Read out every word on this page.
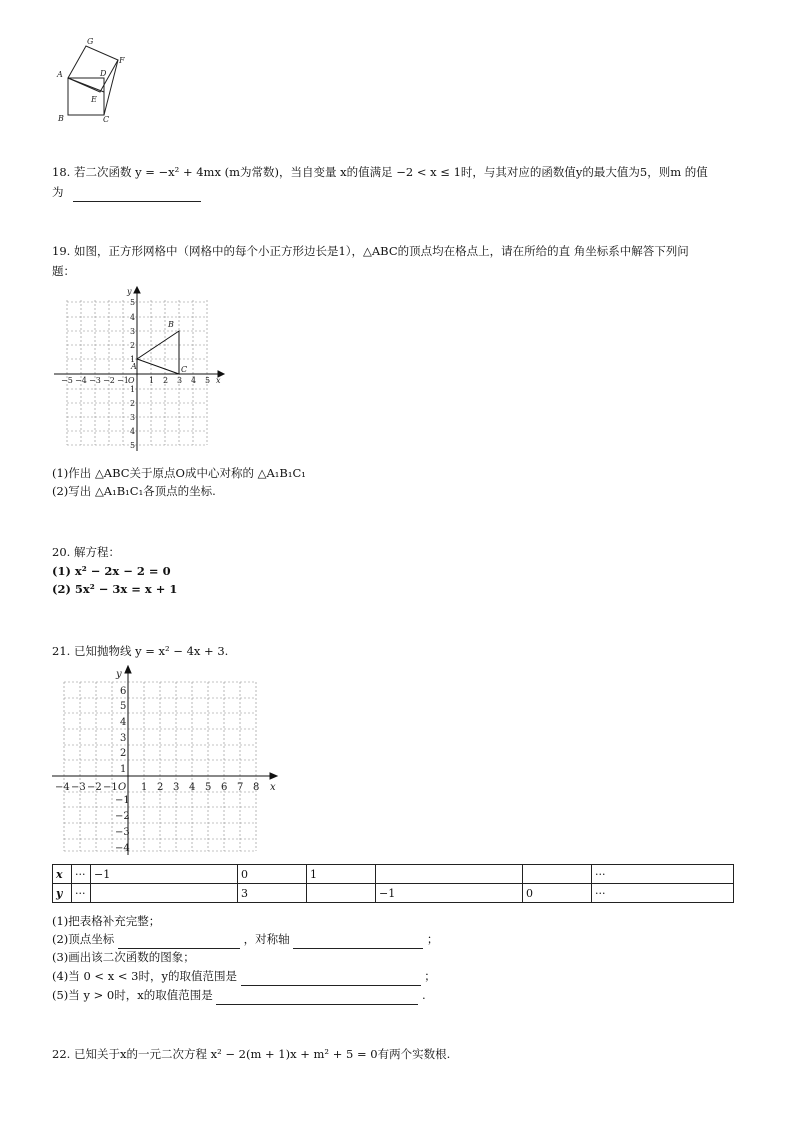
G
F
A	D
E
B	C
18. 若二次函数 y = −x² + 4mx (m为常数)，当自变量 x的值满足 −2 < x ≤ 1时，与其对应的函数值y的最大值为5，则m 的值
为
19. 如图，正方形网格中（网格中的每个小正方形边长是1），△ABC的顶点均在格点上，请在所给的直 角坐标系中解答下列问
题：
x
y
O
−5 −4 −3 −2 −1	1 2 3 4 5
5
4
3
2
1
1
2
3
4
5
A
B
C
(1)作出 △ABC关于原点O成中心对称的 △A₁B₁C₁
(2)写出 △A₁B₁C₁各顶点的坐标.
20. 解方程：
(1) x² − 2x − 2 = 0
(2) 5x² − 3x = x + 1
21. 已知抛物线 y = x² − 4x + 3.
x
y
O
−4 −3 −2 −1 1 2 3 4 5 6 7 8
6
5
4
3
2
1
−1
−2
−3
−4
x	···	−1	0	1			···
y	···		3		−1	0	···
(1)把表格补充完整；
(2)顶点坐标	，对称轴	；
(3)画出该二次函数的图象；
(4)当 0 < x < 3时，y的取值范围是	；
(5)当 y > 0时，x的取值范围是	.
22. 已知关于x的一元二次方程 x² − 2(m + 1)x + m² + 5 = 0有两个实数根.
